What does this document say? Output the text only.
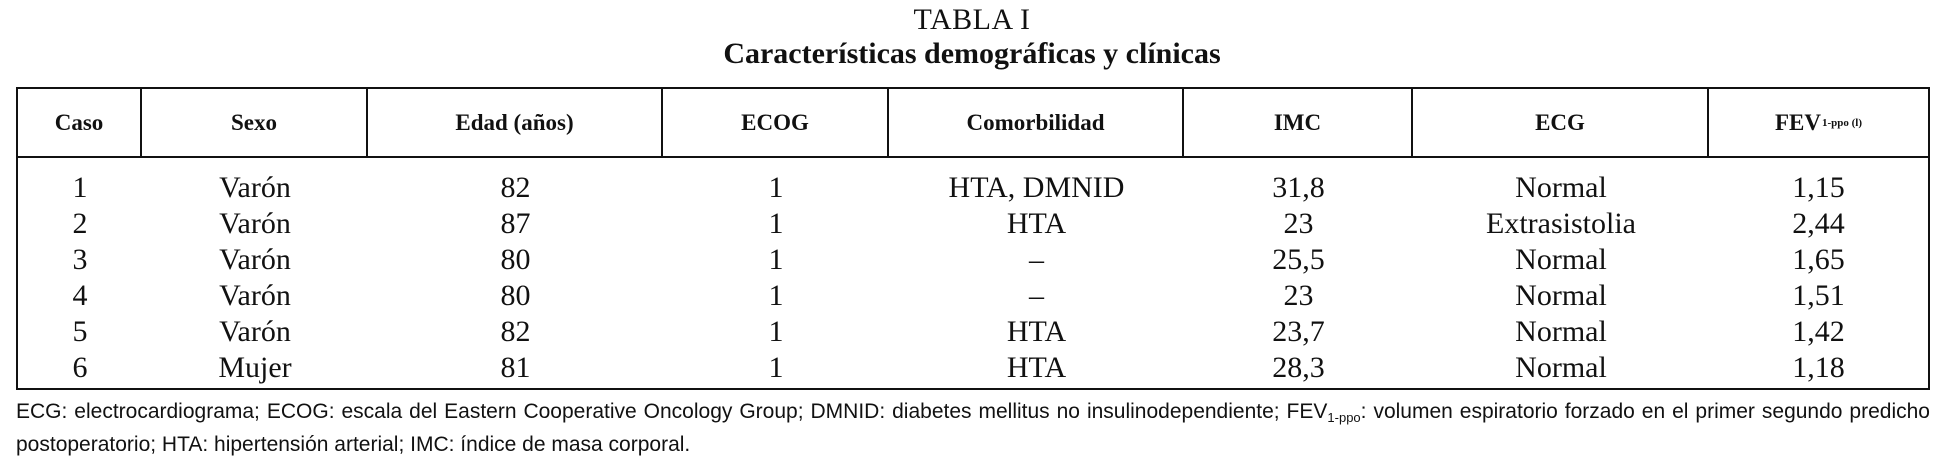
TABLA I
Características demográficas y clínicas
Caso	Sexo	Edad (años)	ECOG	Comorbilidad	IMC	ECG	FEV 1-ppo (l)
1	Varón	82	1	HTA, DMNID	31,8	Normal	1,15
2	Varón	87	1	HTA	23	Extrasistolia	2,44
3	Varón	80	1	–	25,5	Normal	1,65
4	Varón	80	1	–	23	Normal	1,51
5	Varón	82	1	HTA	23,7	Normal	1,42
6	Mujer	81	1	HTA	28,3	Normal	1,18
ECG: electrocardiograma; ECOG: escala del Eastern Cooperative Oncology Group; DMNID: diabetes mellitus no insulinodependiente; $FEV_{1-ppo}$: volumen espiratorio forzado en el primer segundo predicho postoperatorio; HTA: hipertensión arterial; IMC: índice de masa corporal.
